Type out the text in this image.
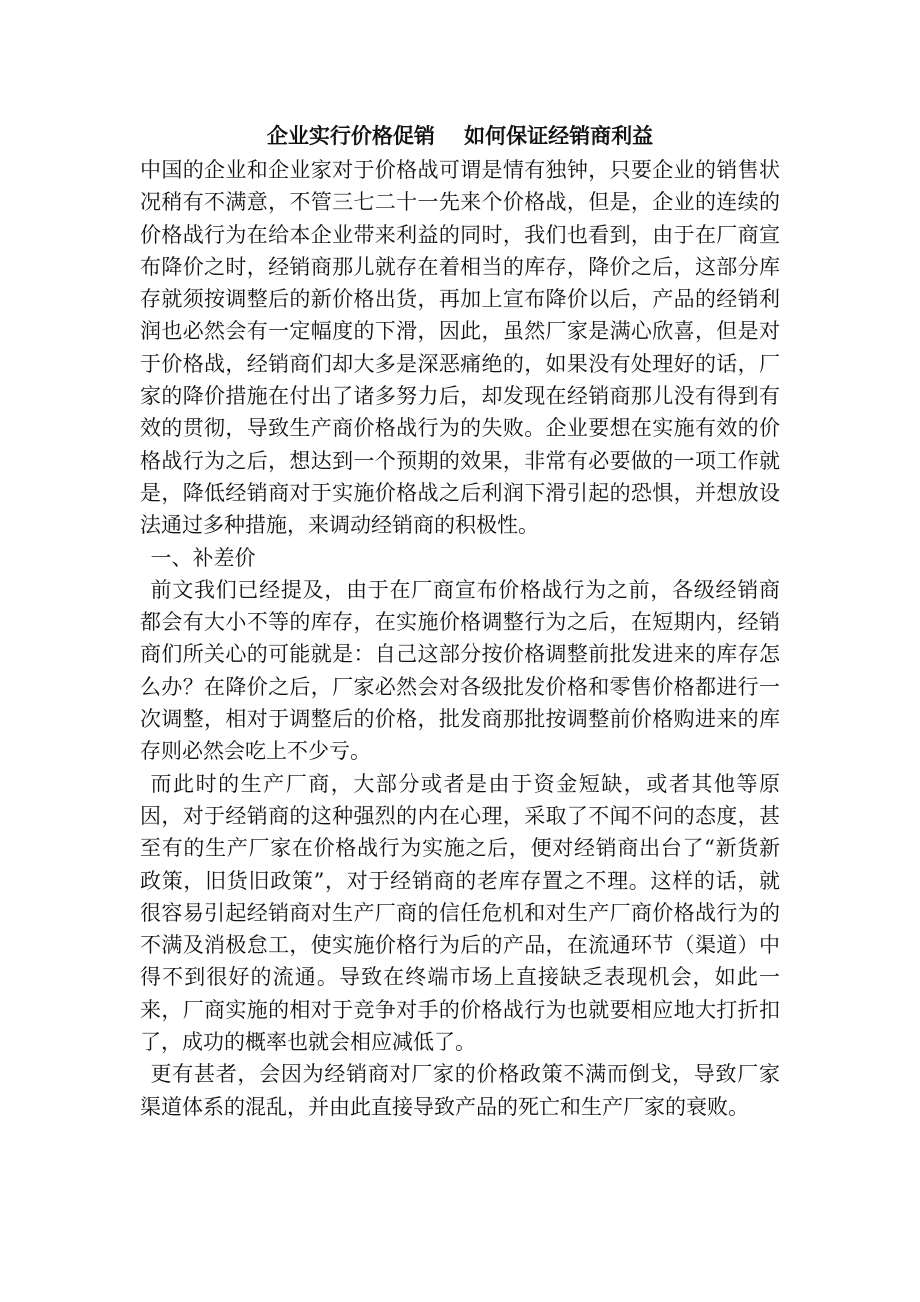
企业实行价格促销    如何保证经销商利益

中国的企业和企业家对于价格战可谓是情有独钟，只要企业的销售状况稍有不满意，不管三七二十一先来个价格战，但是，企业的连续的价格战行为在给本企业带来利益的同时，我们也看到，由于在厂商宣布降价之时，经销商那儿就存在着相当的库存，降价之后，这部分库存就须按调整后的新价格出货，再加上宣布降价以后，产品的经销利润也必然会有一定幅度的下滑，因此，虽然厂家是满心欣喜，但是对于价格战，经销商们却大多是深恶痛绝的，如果没有处理好的话，厂家的降价措施在付出了诸多努力后，却发现在经销商那儿没有得到有效的贯彻，导致生产商价格战行为的失败。企业要想在实施有效的价格战行为之后，想达到一个预期的效果，非常有必要做的一项工作就是，降低经销商对于实施价格战之后利润下滑引起的恐惧，并想放设法通过多种措施，来调动经销商的积极性。

一、补差价

前文我们已经提及，由于在厂商宣布价格战行为之前，各级经销商都会有大小不等的库存，在实施价格调整行为之后，在短期内，经销商们所关心的可能就是：自己这部分按价格调整前批发进来的库存怎么办？在降价之后，厂家必然会对各级批发价格和零售价格都进行一次调整，相对于调整后的价格，批发商那批按调整前价格购进来的库存则必然会吃上不少亏。

而此时的生产厂商，大部分或者是由于资金短缺，或者其他等原因，对于经销商的这种强烈的内在心理，采取了不闻不问的态度，甚至有的生产厂家在价格战行为实施之后，便对经销商出台了“新货新政策，旧货旧政策”，对于经销商的老库存置之不理。这样的话，就很容易引起经销商对生产厂商的信任危机和对生产厂商价格战行为的不满及消极怠工，使实施价格行为后的产品，在流通环节（渠道）中得不到很好的流通。导致在终端市场上直接缺乏表现机会，如此一来，厂商实施的相对于竞争对手的价格战行为也就要相应地大打折扣了，成功的概率也就会相应减低了。

更有甚者，会因为经销商对厂家的价格政策不满而倒戈，导致厂家渠道体系的混乱，并由此直接导致产品的死亡和生产厂家的衰败。
